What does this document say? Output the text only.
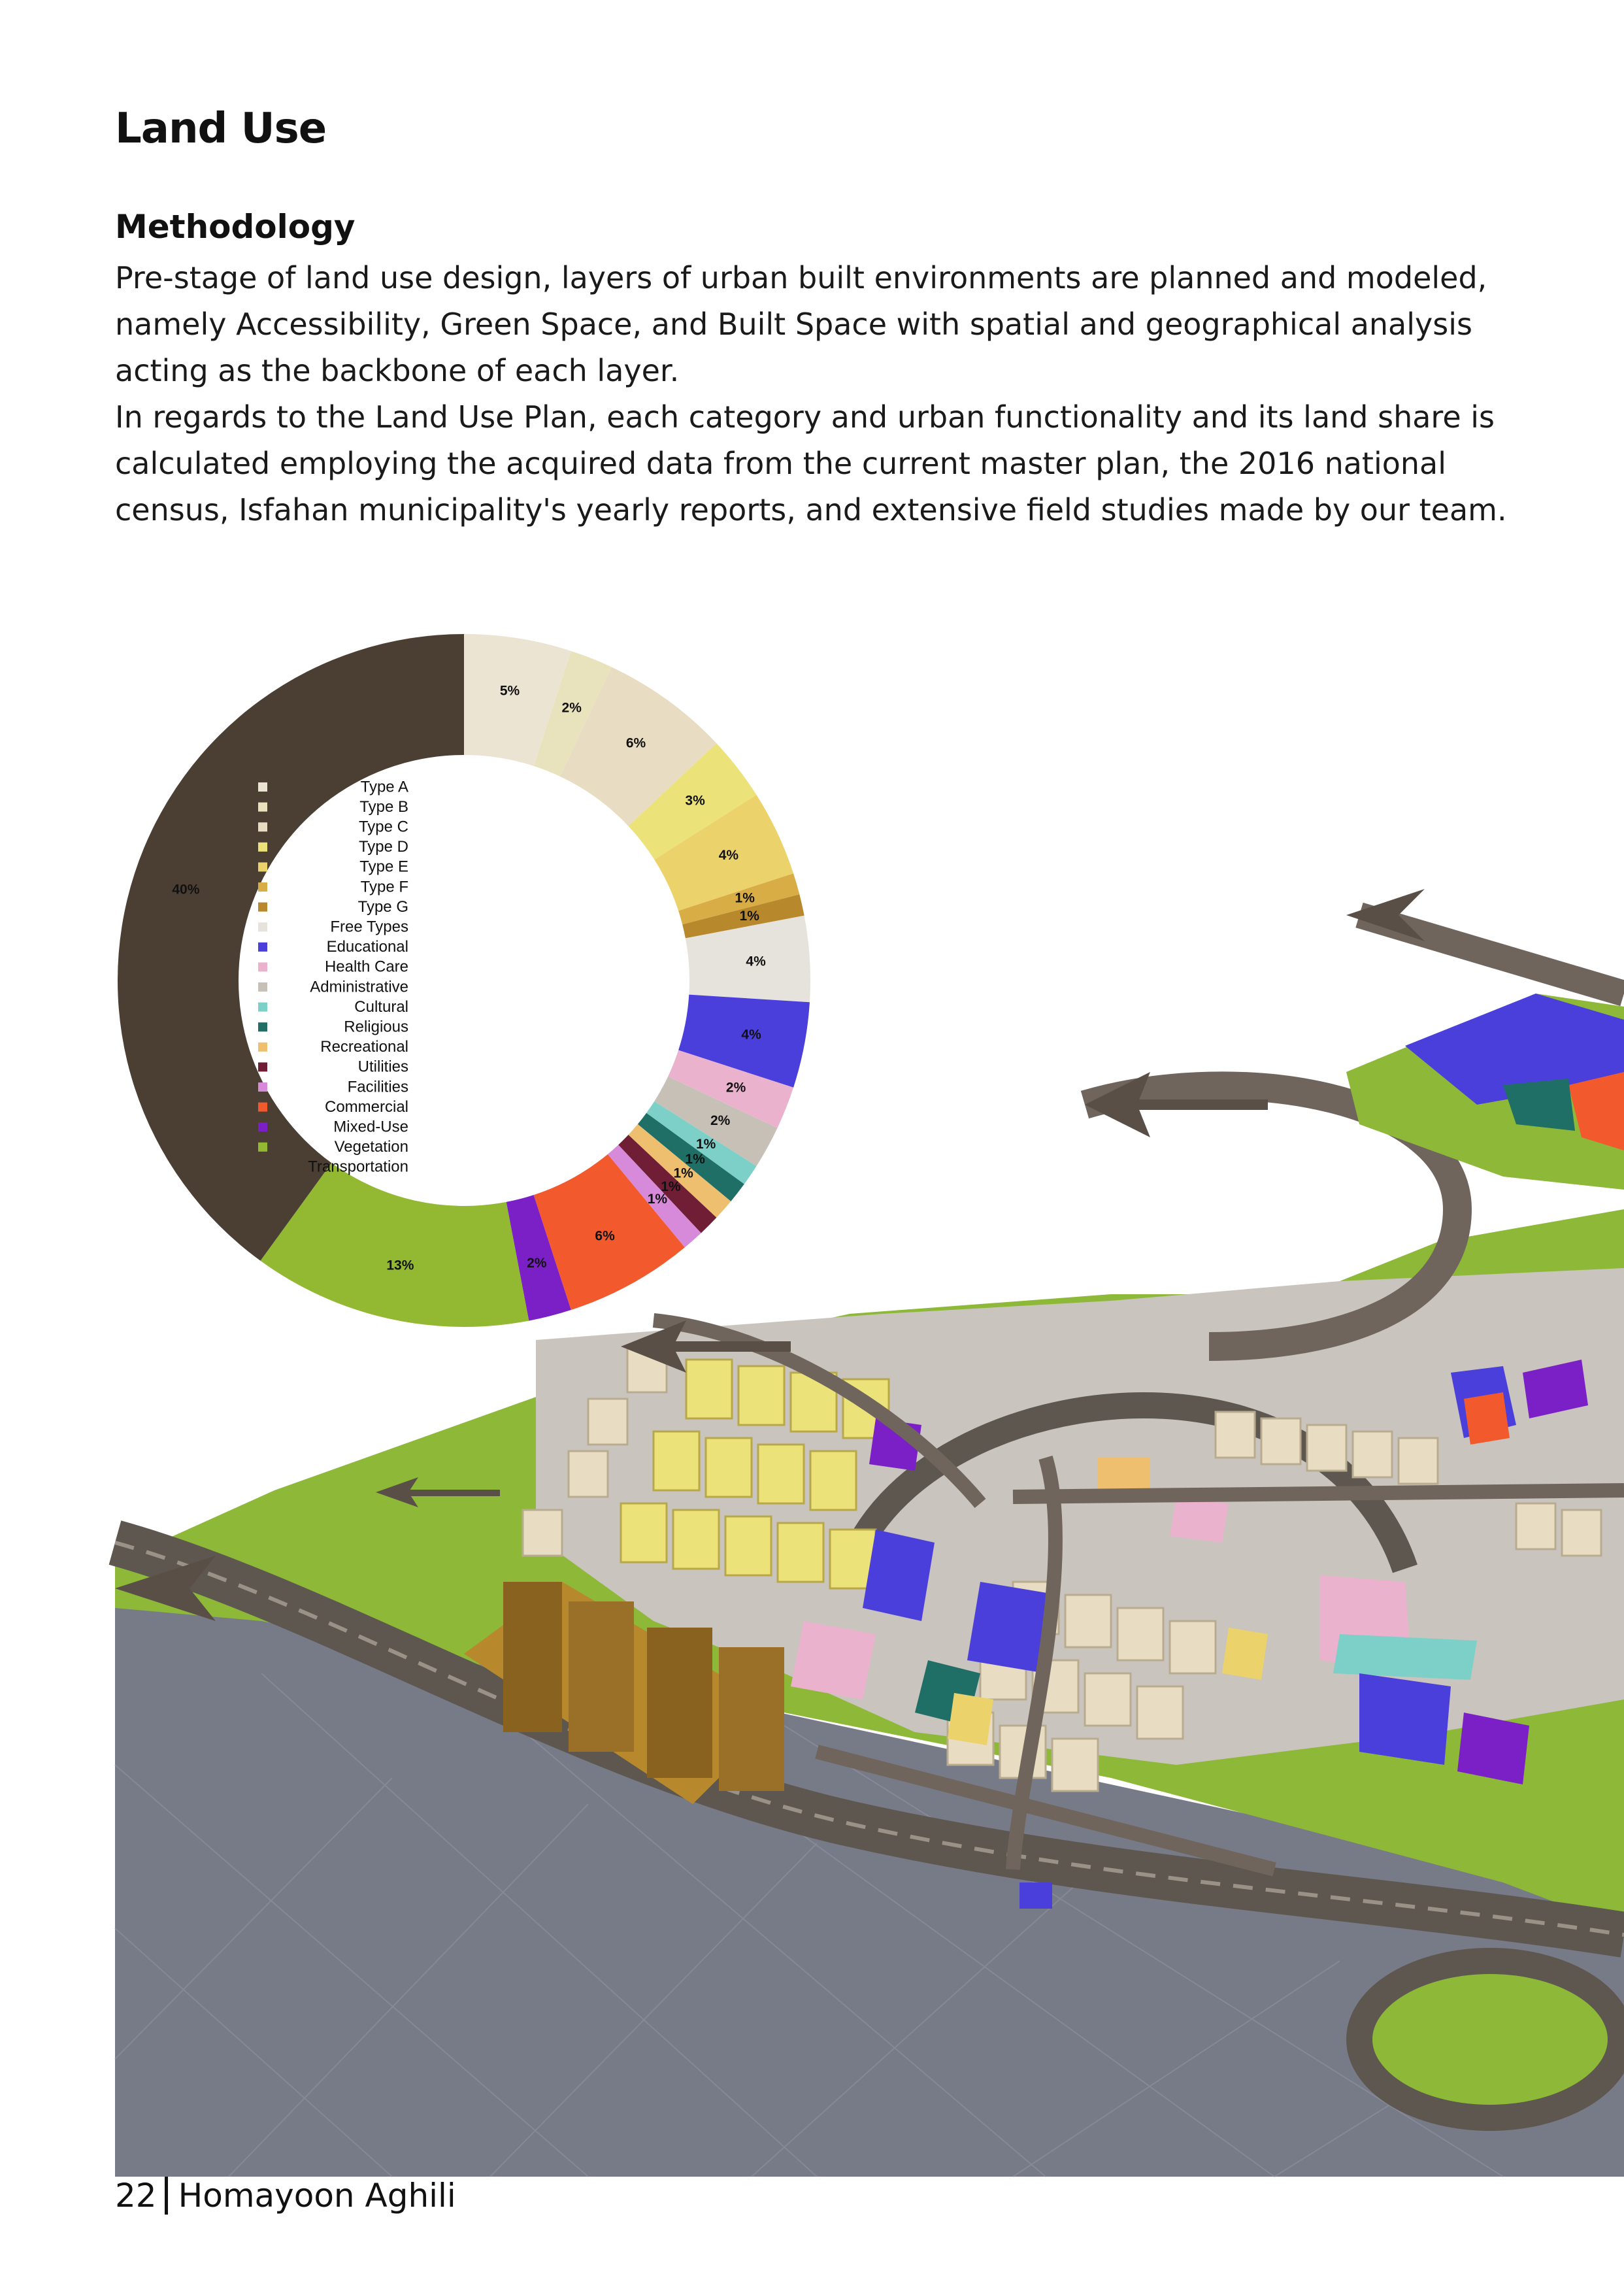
Land Use
Methodology

Pre-stage of land use design, layers of urban built environments are planned and modeled, namely Accessibility, Green Space, and Built Space with spatial and geographical analysis acting as the backbone of each layer.

In regards to the Land Use Plan, each category and urban functionality and its land share is calculated employing the acquired data from the current master plan, the 2016 national census, Isfahan municipality's yearly reports, and extensive field studies made by our team.

5%
2%
6%
3%
4%
1%
1%
4%
4%
2%
2%
1%
1%
1%
1%
1%
6%
2%
13%
40%
Type A
Type B
Type C
Type D
Type E
Type F
Type G
Free Types
Educational
Health Care
Administrative
Cultural
Religious
Recreational
Utilities
Facilities
Commercial
Mixed-Use
Vegetation
Transportation
22 Homayoon Aghili
